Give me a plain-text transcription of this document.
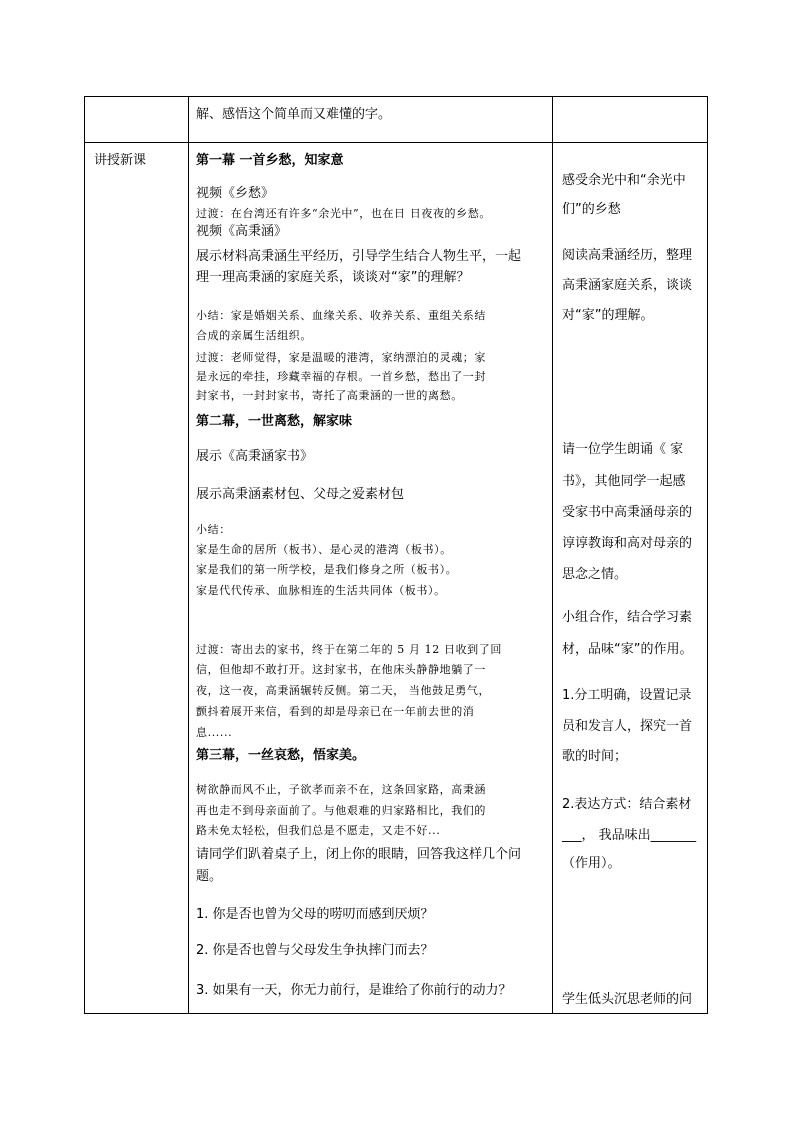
解、感悟这个简单而又难懂的字。
讲授新课	第一幕 一首乡愁，知家意
视频《乡愁》
过渡：在台湾还有许多“余光中”，也在日 日夜夜的乡愁。
视频《高秉涵》
展示材料高秉涵生平经历，引导学生结合人物生平，一起
理一理高秉涵的家庭关系，谈谈对“家”的理解？
小结：家是婚姻关系、血缘关系、收养关系、重组关系结
合成的亲属生活组织。
过渡：老师觉得，家是温暖的港湾，家纳漂泊的灵魂；家
是永远的牵挂，珍藏幸福的存根。一首乡愁，愁出了一封
封家书，一封封家书，寄托了高秉涵的一世的离愁。
第二幕，一世离愁，解家味
展示《高秉涵家书》
展示高秉涵素材包、父母之爱素材包
小结：
家是生命的居所（板书）、是心灵的港湾（板书）。
家是我们的第一所学校，是我们修身之所（板书）。
家是代代传承、血脉相连的生活共同体（板书）。
过渡：寄出去的家书，终于在第二年的 5 月 12 日收到了回
信，但他却不敢打开。这封家书，在他床头静静地躺了一
夜，这一夜，高秉涵辗转反侧。第二天， 当他鼓足勇气，
颤抖着展开来信，看到的却是母亲已在一年前去世的消
息......
第三幕，一丝哀愁，悟家美。
树欲静而风不止，子欲孝而亲不在，这条回家路，高秉涵
再也走不到母亲面前了。与他艰难的归家路相比，我们的
路未免太轻松，但我们总是不愿走，又走不好...
请同学们趴着桌子上，闭上你的眼睛，回答我这样几个问
题。
1. 你是否也曾为父母的唠叨而感到厌烦？
2. 你是否也曾与父母发生争执摔门而去？
3. 如果有一天，你无力前行，是谁给了你前行的动力？
感受余光中和“余光中
们”的乡愁
阅读高秉涵经历，整理
高秉涵家庭关系，谈谈
对“家”的理解。
请一位学生朗诵《 家
书》，其他同学一起感
受家书中高秉涵母亲的
谆谆教诲和高对母亲的
思念之情。
小组合作，结合学习素
材，品味“家”的作用。
1.分工明确，设置记录
员和发言人，探究一首
歌的时间；
2.表达方式：结合素材
___， 我品味出_______
（作用）。
学生低头沉思老师的问
